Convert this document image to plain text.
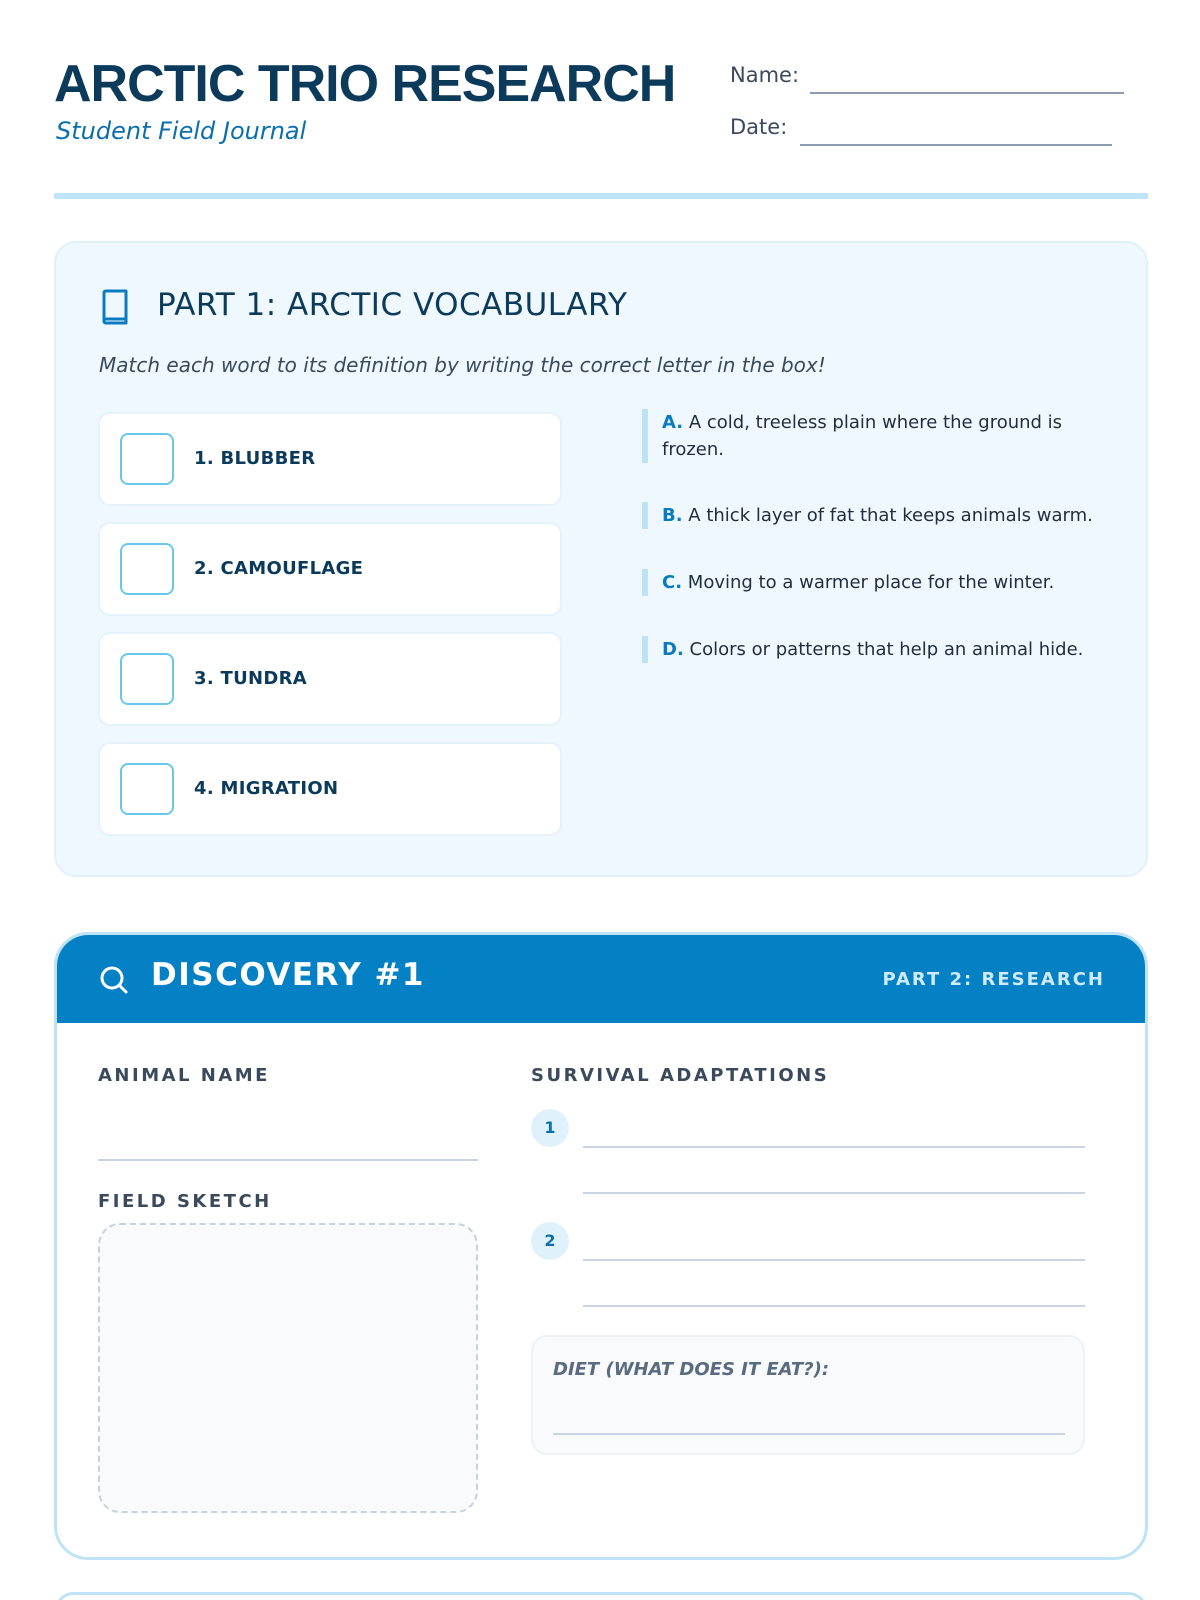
ARCTIC TRIO RESEARCH
Student Field Journal
Name:
Date:
PART 1: ARCTIC VOCABULARY
Match each word to its definition by writing the correct letter in the box!
1. BLUBBER
2. CAMOUFLAGE
3. TUNDRA
4. MIGRATION
A. A cold, treeless plain where the ground is frozen.
B. A thick layer of fat that keeps animals warm.
C. Moving to a warmer place for the winter.
D. Colors or patterns that help an animal hide.
DISCOVERY #1	PART 2: RESEARCH
ANIMAL NAME
FIELD SKETCH
SURVIVAL ADAPTATIONS
1
2
DIET (WHAT DOES IT EAT?):
